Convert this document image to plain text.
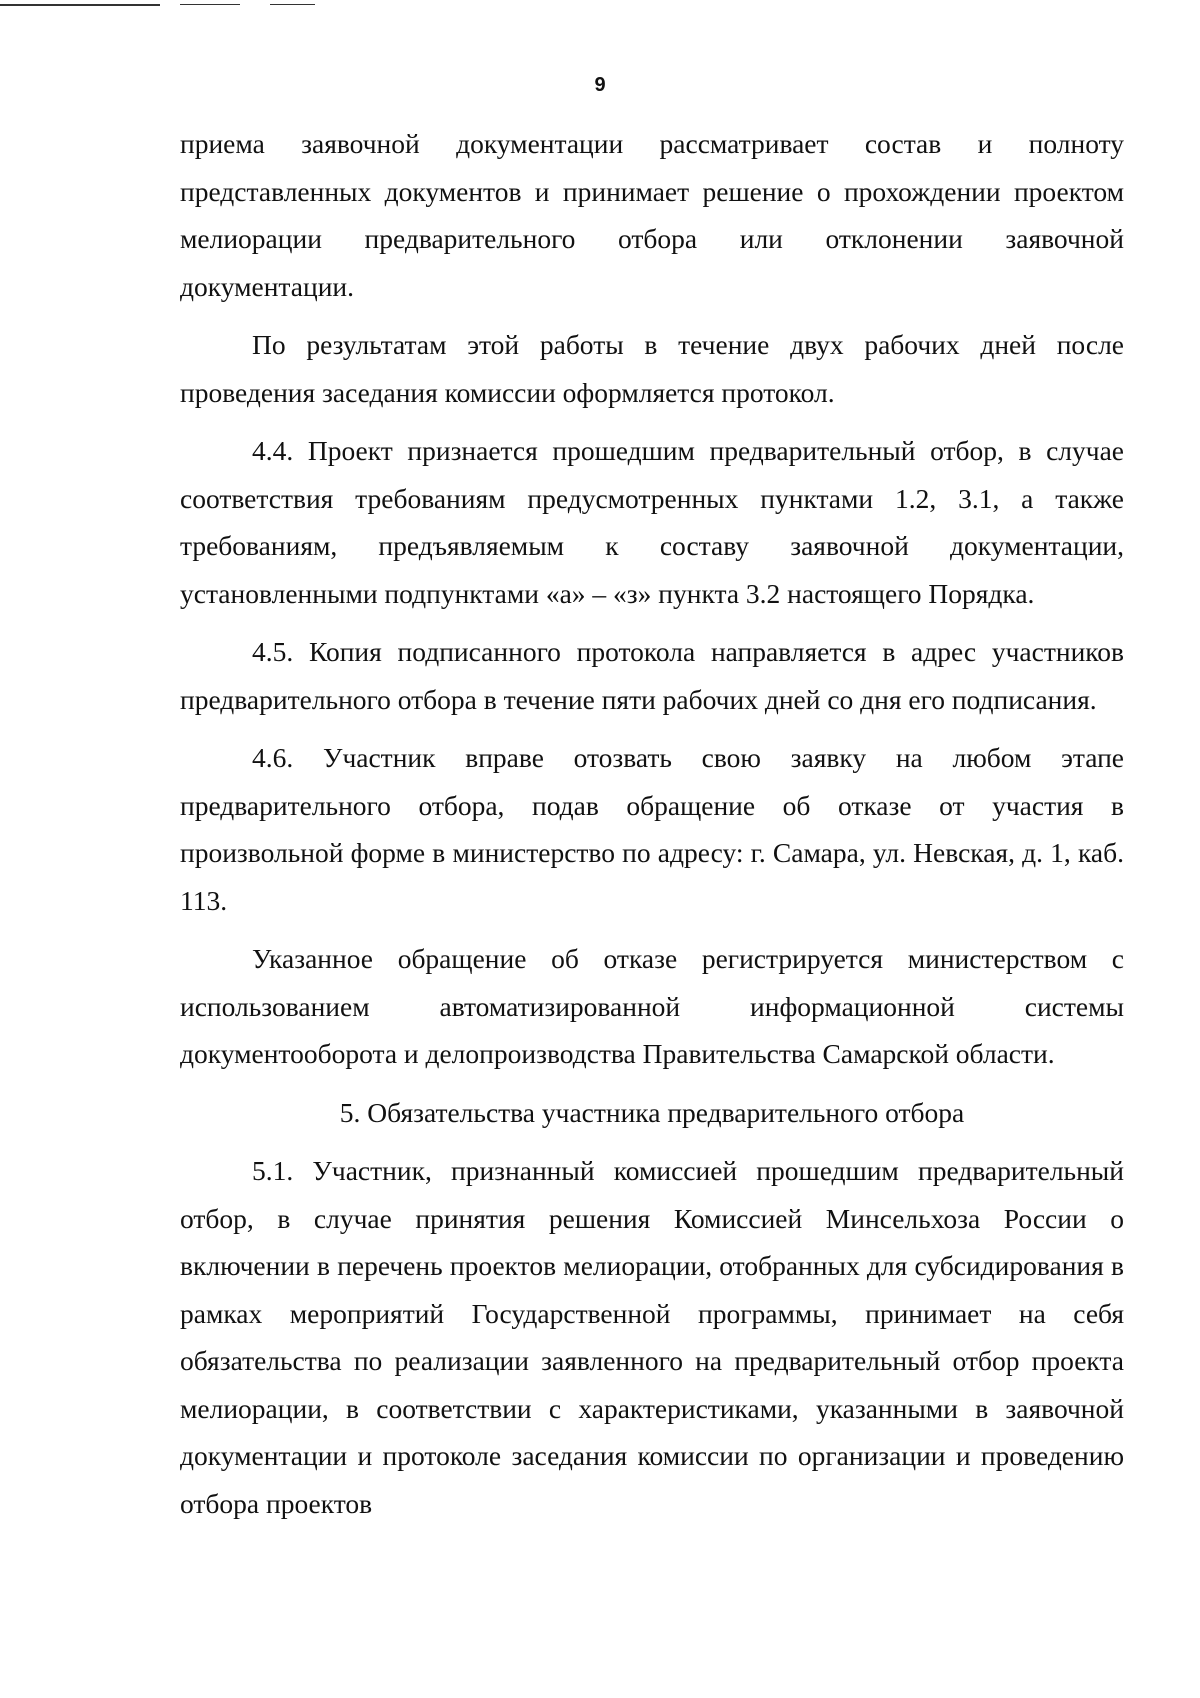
9

приема заявочной документации рассматривает состав и полноту представленных документов и принимает решение о прохождении проектом мелиорации предварительного отбора или отклонении заявочной документации.

По результатам этой работы в течение двух рабочих дней после проведения заседания комиссии оформляется протокол.

4.4. Проект признается прошедшим предварительный отбор, в случае соответствия требованиям предусмотренных пунктами 1.2, 3.1, а также требованиям, предъявляемым к составу заявочной документации, установленными подпунктами «а» – «з» пункта 3.2 настоящего Порядка.

4.5. Копия подписанного протокола направляется в адрес участников предварительного отбора в течение пяти рабочих дней со дня его подписания.

4.6. Участник вправе отозвать свою заявку на любом этапе предварительного отбора, подав обращение об отказе от участия в произвольной форме в министерство по адресу: г. Самара, ул. Невская, д. 1, каб. 113.

Указанное обращение об отказе регистрируется министерством с использованием автоматизированной информационной системы документооборота и делопроизводства Правительства Самарской области.

5. Обязательства участника предварительного отбора

5.1. Участник, признанный комиссией прошедшим предварительный отбор, в случае принятия решения Комиссией Минсельхоза России о включении в перечень проектов мелиорации, отобранных для субсидирования в рамках мероприятий Государственной программы, принимает на себя обязательства по реализации заявленного на предварительный отбор проекта мелиорации, в соответствии с характеристиками, указанными в заявочной документации и протоколе заседания комиссии по организации и проведению отбора проектов
